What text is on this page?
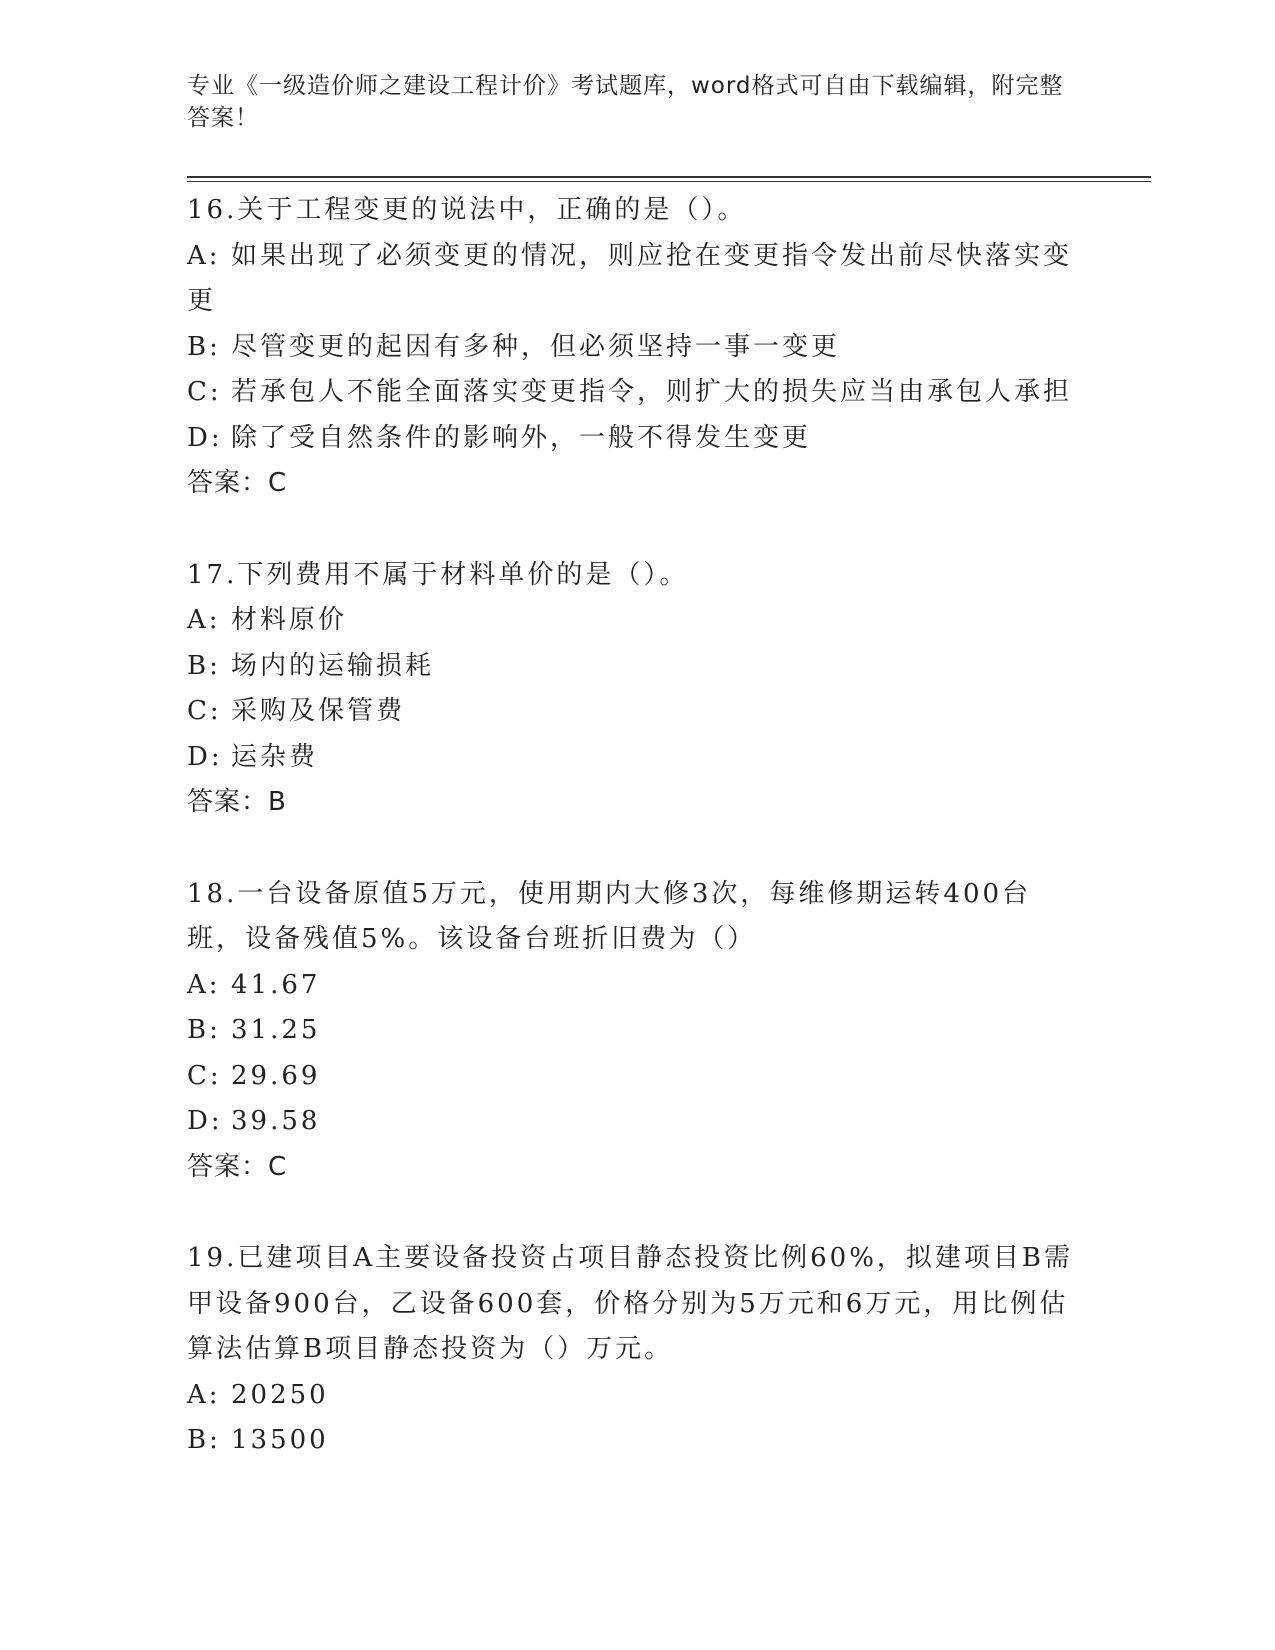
专业《一级造价师之建设工程计价》考试题库，word格式可自由下载编辑，附完整答案！
16.关于工程变更的说法中，正确的是（）。
A: 如果出现了必须变更的情况，则应抢在变更指令发出前尽快落实变更
B: 尽管变更的起因有多种，但必须坚持一事一变更
C: 若承包人不能全面落实变更指令，则扩大的损失应当由承包人承担
D: 除了受自然条件的影响外，一般不得发生变更
答案：C
17.下列费用不属于材料单价的是（）。
A: 材料原价
B: 场内的运输损耗
C: 采购及保管费
D: 运杂费
答案：B
18.一台设备原值5万元，使用期内大修3次，每维修期运转400台班，设备残值5%。该设备台班折旧费为（）
A: 41.67
B: 31.25
C: 29.69
D: 39.58
答案：C
19.已建项目A主要设备投资占项目静态投资比例60%，拟建项目B需甲设备900台，乙设备600套，价格分别为5万元和6万元，用比例估算法估算B项目静态投资为（）万元。
A: 20250
B: 13500
